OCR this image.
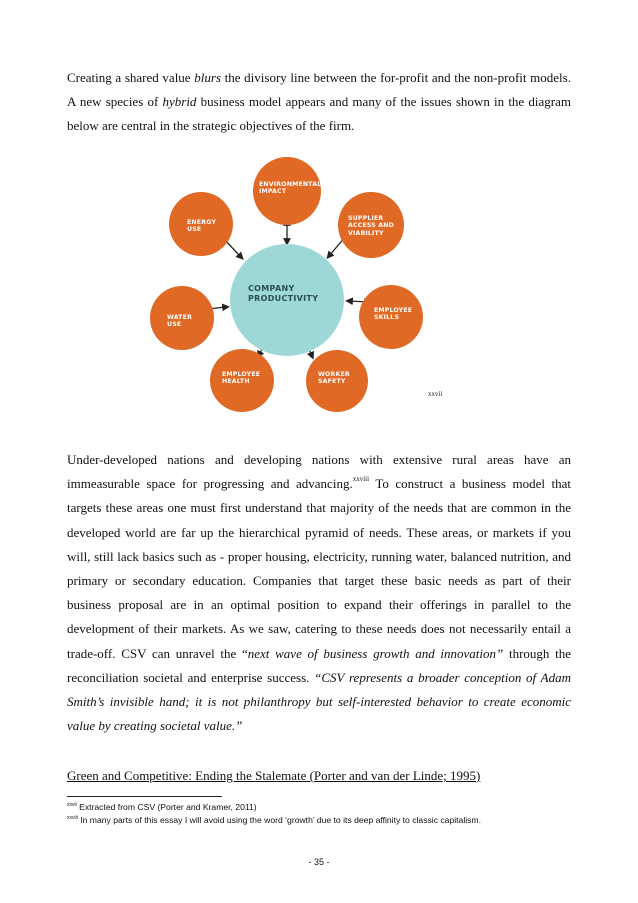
Creating a shared value blurs the divisory line between the for-profit and the non-profit models. A new species of hybrid business model appears and many of the issues shown in the diagram below are central in the strategic objectives of the firm.

COMPANY
PRODUCTIVITY
ENVIRONMENTAL
IMPACT
SUPPLIER
ACCESS AND
VIABILITY
EMPLOYEE
SKILLS
WORKER
SAFETY
EMPLOYEE
HEALTH
WATER
USE
ENERGY
USE
xxvii

Under-developed nations and developing nations with extensive rural areas have an immeasurable space for progressing and advancing.$^{xxviii}$ To construct a business model that targets these areas one must first understand that majority of the needs that are common in the developed world are far up the hierarchical pyramid of needs. These areas, or markets if you will, still lack basics such as - proper housing, electricity, running water, balanced nutrition, and primary or secondary education. Companies that target these basic needs as part of their business proposal are in an optimal position to expand their offerings in parallel to the development of their markets. As we saw, catering to these needs does not necessarily entail a trade-off. CSV can unravel the “next wave of business growth and innovation” through the reconciliation societal and enterprise success. “CSV represents a broader conception of Adam Smith’s invisible hand; it is not philanthropy but self-interested behavior to create economic value by creating societal value.”

Green and Competitive: Ending the Stalemate (Porter and van der Linde; 1995)
$^{xxvii}$ Extracted from CSV (Porter and Kramer, 2011)
$^{xxviii}$ In many parts of this essay I will avoid using the word ‘growth’ due to its deep affinity to classic capitalism.
- 35 -
